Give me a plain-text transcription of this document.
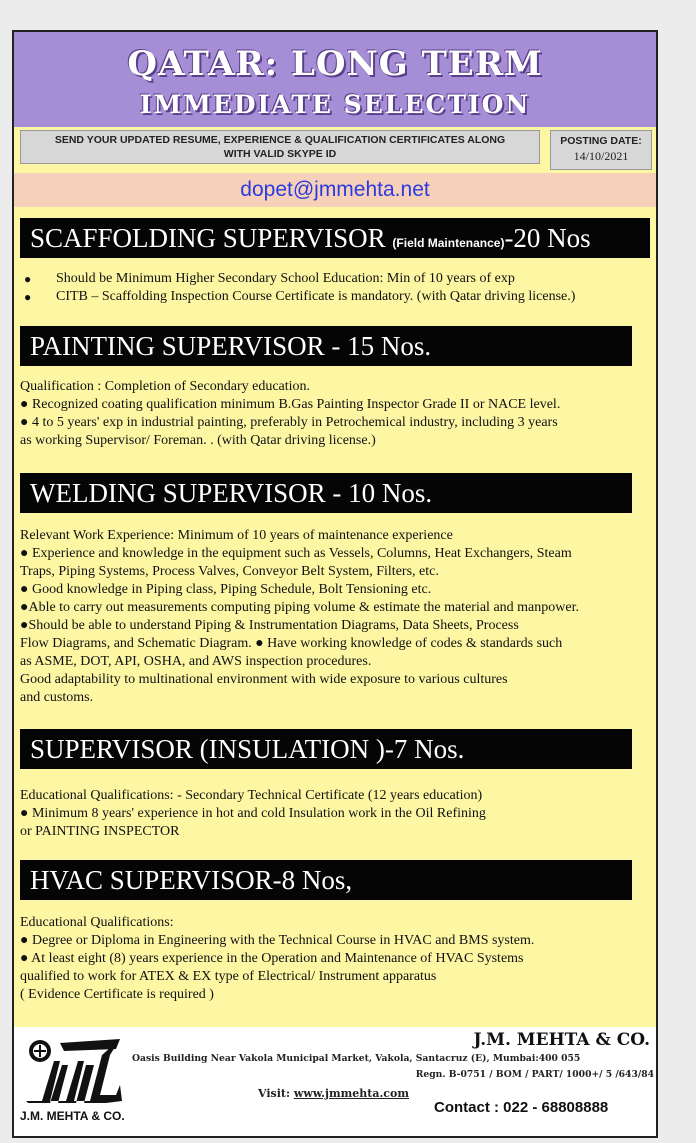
QATAR: LONG TERM
IMMEDIATE SELECTION
SEND YOUR UPDATED RESUME, EXPERIENCE & QUALIFICATION CERTIFICATES ALONG
WITH VALID SKYPE ID
POSTING DATE:
14/10/2021
dopet@jmmehta.net
SCAFFOLDING SUPERVISOR (Field Maintenance)-20 Nos
●	Should be Minimum Higher Secondary School Education: Min of 10 years of exp

●	CITB – Scaffolding Inspection Course Certificate is mandatory. (with Qatar driving license.)

PAINTING SUPERVISOR - 15 Nos.

Qualification : Completion of Secondary education.

● Recognized coating qualification minimum B.Gas Painting Inspector Grade II or NACE level.

● 4 to 5 years' exp in industrial painting, preferably in Petrochemical industry, including 3 years

as working Supervisor/ Foreman. . (with Qatar driving license.)

WELDING SUPERVISOR - 10 Nos.

Relevant Work Experience: Minimum of 10 years of maintenance experience

● Experience and knowledge in the equipment such as Vessels, Columns, Heat Exchangers, Steam

Traps, Piping Systems, Process Valves, Conveyor Belt System, Filters, etc.

● Good knowledge in Piping class, Piping Schedule, Bolt Tensioning etc.

●Able to carry out measurements computing piping volume & estimate the material and manpower.

●Should be able to understand Piping & Instrumentation Diagrams, Data Sheets, Process

Flow Diagrams, and Schematic Diagram. ● Have working knowledge of codes & standards such

as ASME, DOT, API, OSHA, and AWS inspection procedures.

Good adaptability to multinational environment with wide exposure to various cultures

and customs.

SUPERVISOR (INSULATION )-7 Nos.

Educational Qualifications: - Secondary Technical Certificate (12 years education)

● Minimum 8 years' experience in hot and cold Insulation work in the Oil Refining

or PAINTING INSPECTOR

HVAC SUPERVISOR-8 Nos,

Educational Qualifications:

● Degree or Diploma in Engineering with the Technical Course in HVAC and BMS system.

● At least eight (8) years experience in the Operation and Maintenance of HVAC Systems

qualified to work for ATEX & EX type of Electrical/ Instrument apparatus

( Evidence Certificate is required )

J.M. MEHTA & CO.
J.M. MEHTA & CO.
Oasis Building Near Vakola Municipal Market, Vakola, Santacruz (E), Mumbai:400 055
Regn. B-0751 / BOM / PART/ 1000+/ 5 /643/84
Visit: www.jmmehta.com
Contact : 022 - 68808888
